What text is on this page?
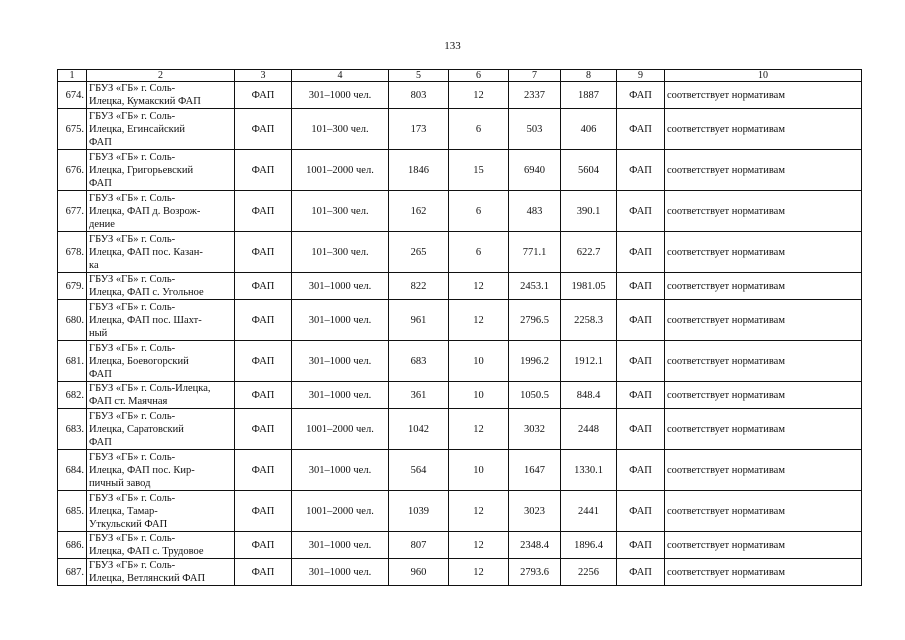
133
1	2	3	4	5	6	7	8	9	10
674.	ГБУЗ «ГБ» г. Соль-
Илецка, Кумакский ФАП	ФАП	301–1000 чел.	803	12	2337	1887	ФАП	соответствует нормативам
675.	ГБУЗ «ГБ» г. Соль-
Илецка, Егинсайский
ФАП	ФАП	101–300 чел.	173	6	503	406	ФАП	соответствует нормативам
676.	ГБУЗ «ГБ» г. Соль-
Илецка, Григорьевский
ФАП	ФАП	1001–2000 чел.	1846	15	6940	5604	ФАП	соответствует нормативам
677.	ГБУЗ «ГБ» г. Соль-
Илецка, ФАП д. Возрож-
дение	ФАП	101–300 чел.	162	6	483	390.1	ФАП	соответствует нормативам
678.	ГБУЗ «ГБ» г. Соль-
Илецка, ФАП пос. Казан-
ка	ФАП	101–300 чел.	265	6	771.1	622.7	ФАП	соответствует нормативам
679.	ГБУЗ «ГБ» г. Соль-
Илецка, ФАП с. Угольное	ФАП	301–1000 чел.	822	12	2453.1	1981.05	ФАП	соответствует нормативам
680.	ГБУЗ «ГБ» г. Соль-
Илецка, ФАП пос. Шахт-
ный	ФАП	301–1000 чел.	961	12	2796.5	2258.3	ФАП	соответствует нормативам
681.	ГБУЗ «ГБ» г. Соль-
Илецка, Боевогорский
ФАП	ФАП	301–1000 чел.	683	10	1996.2	1912.1	ФАП	соответствует нормативам
682.	ГБУЗ «ГБ» г. Соль-Илецка,
ФАП ст. Маячная	ФАП	301–1000 чел.	361	10	1050.5	848.4	ФАП	соответствует нормативам
683.	ГБУЗ «ГБ» г. Соль-
Илецка, Саратовский
ФАП	ФАП	1001–2000 чел.	1042	12	3032	2448	ФАП	соответствует нормативам
684.	ГБУЗ «ГБ» г. Соль-
Илецка, ФАП пос. Кир-
пичный завод	ФАП	301–1000 чел.	564	10	1647	1330.1	ФАП	соответствует нормативам
685.	ГБУЗ «ГБ» г. Соль-
Илецка, Тамар-
Уткульский ФАП	ФАП	1001–2000 чел.	1039	12	3023	2441	ФАП	соответствует нормативам
686.	ГБУЗ «ГБ» г. Соль-
Илецка, ФАП с. Трудовое	ФАП	301–1000 чел.	807	12	2348.4	1896.4	ФАП	соответствует нормативам
687.	ГБУЗ «ГБ» г. Соль-
Илецка, Ветлянский ФАП	ФАП	301–1000 чел.	960	12	2793.6	2256	ФАП	соответствует нормативам
